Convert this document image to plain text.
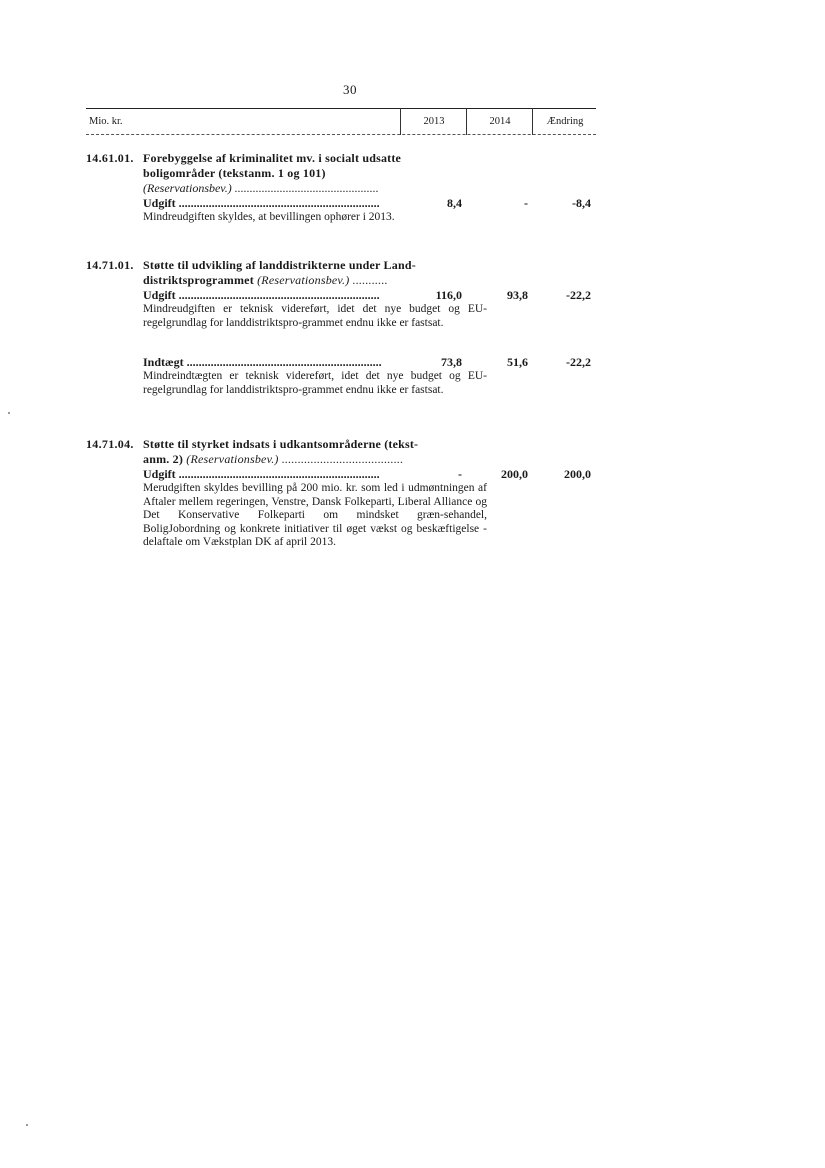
30
Mio. kr.	2013	2014	Ændring
14.61.01. Forebyggelse af kriminalitet mv. i socialt udsatte
boligområder (tekstanm. 1 og 101)
(Reservationsbev.) ................................................
Udgift ...................................................................	8,4	-	-8,4
Mindreudgiften skyldes, at bevillingen ophører i 2013.
14.71.01. Støtte til udvikling af landdistrikterne under Land-
distriktsprogrammet (Reservationsbev.) ...........
Udgift ...................................................................	116,0	93,8	-22,2
Mindreudgiften er teknisk videreført, idet det nye budget og EU-regelgrundlag for landdistriktspro-grammet endnu ikke er fastsat.
Indtægt .................................................................	73,8	51,6	-22,2
Mindreindtægten er teknisk videreført, idet det nye budget og EU-regelgrundlag for landdistriktspro-grammet endnu ikke er fastsat.
14.71.04. Støtte til styrket indsats i udkantsområderne (tekst-
anm. 2) (Reservationsbev.) ......................................
Udgift ...................................................................	-	200,0	200,0
Merudgiften skyldes bevilling på 200 mio. kr. som led i udmøntningen af Aftaler mellem regeringen, Venstre, Dansk Folkeparti, Liberal Alliance og Det Konservative Folkeparti om mindsket græn-sehandel, BoligJobordning og konkrete initiativer til øget vækst og beskæftigelse - delaftale om Vækstplan DK af april 2013.
